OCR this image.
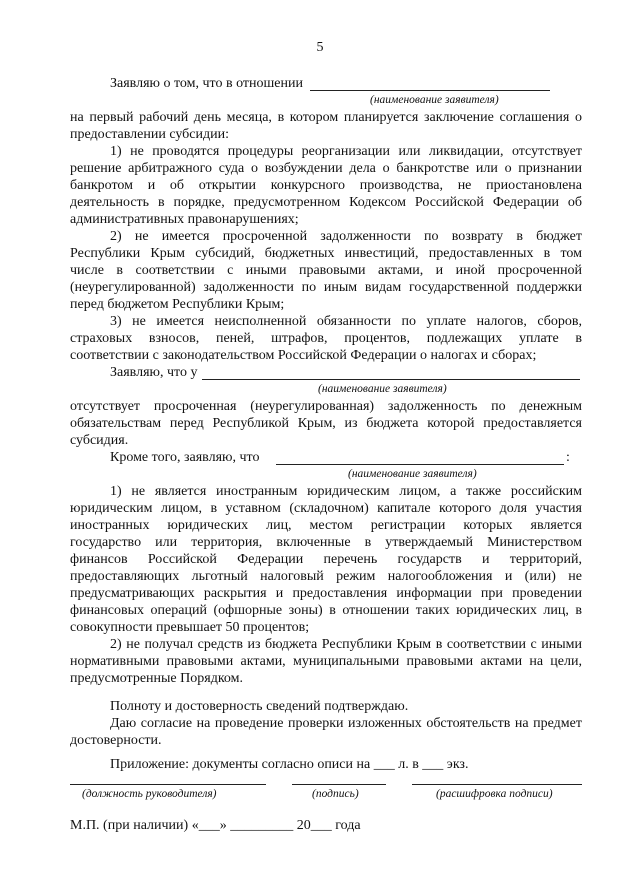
5
Заявляю о том, что в отношении
(наименование заявителя)
на первый рабочий день месяца, в котором планируется заключение соглашения о
предоставлении субсидии:
1) не проводятся процедуры реорганизации или ликвидации, отсутствует
решение арбитражного суда о возбуждении дела о банкротстве или о признании
банкротом и об открытии конкурсного производства, не приостановлена
деятельность в порядке, предусмотренном Кодексом Российской Федерации об
административных правонарушениях;
2) не имеется просроченной задолженности по возврату в бюджет
Республики Крым субсидий, бюджетных инвестиций, предоставленных в том
числе в соответствии с иными правовыми актами, и иной просроченной
(неурегулированной) задолженности по иным видам государственной поддержки
перед бюджетом Республики Крым;
3) не имеется неисполненной обязанности по уплате налогов, сборов,
страховых взносов, пеней, штрафов, процентов, подлежащих уплате в
соответствии с законодательством Российской Федерации о налогах и сборах;
Заявляю, что у
(наименование заявителя)
отсутствует просроченная (неурегулированная) задолженность по денежным
обязательствам перед Республикой Крым, из бюджета которой предоставляется
субсидия.
Кроме того, заявляю, что	:
(наименование заявителя)
1) не является иностранным юридическим лицом, а также российским
юридическим лицом, в уставном (складочном) капитале которого доля участия
иностранных юридических лиц, местом регистрации которых является
государство или территория, включенные в утверждаемый Министерством
финансов Российской Федерации перечень государств и территорий,
предоставляющих льготный налоговый режим налогообложения и (или) не
предусматривающих раскрытия и предоставления информации при проведении
финансовых операций (офшорные зоны) в отношении таких юридических лиц, в
совокупности превышает 50 процентов;
2) не получал средств из бюджета Республики Крым в соответствии с иными
нормативными правовыми актами, муниципальными правовыми актами на цели,
предусмотренные Порядком.
Полноту и достоверность сведений подтверждаю.
Даю согласие на проведение проверки изложенных обстоятельств на предмет
достоверности.
Приложение: документы согласно описи на ___ л. в ___ экз.
(должность руководителя)	(подпись)	(расшифровка подписи)
М.П. (при наличии) «___» _________ 20___ года
